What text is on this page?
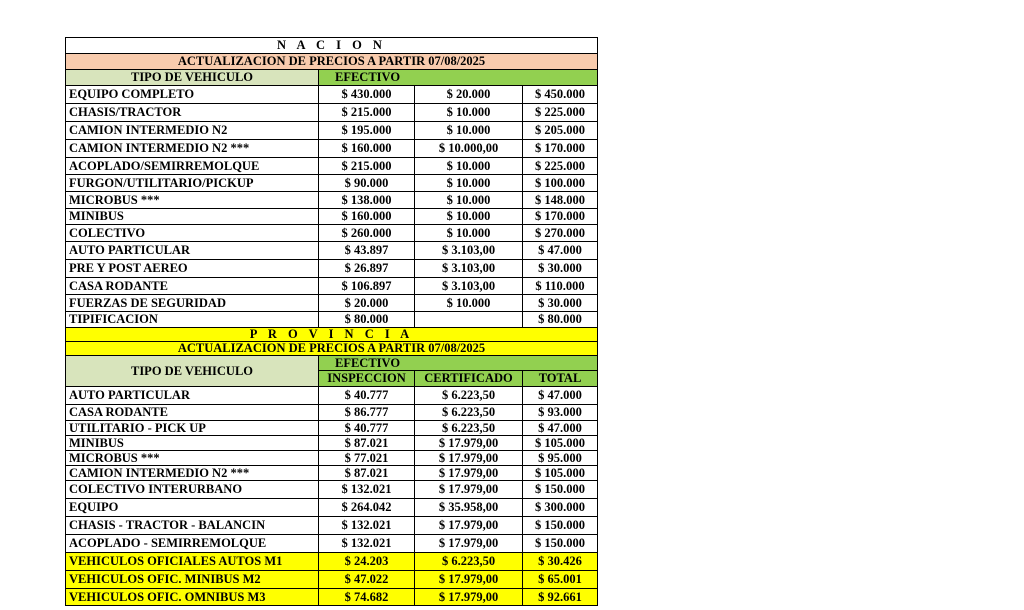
N A C I O N			
ACTUALIZACION DE PRECIOS A PARTIR 07/08/2025			
TIPO DE VEHICULO	EFECTIVO		
EQUIPO COMPLETO	$ 430.000	$ 20.000	$ 450.000
CHASIS/TRACTOR	$ 215.000	$ 10.000	$ 225.000
CAMION INTERMEDIO N2	$ 195.000	$ 10.000	$ 205.000
CAMION INTERMEDIO N2 ***	$ 160.000	$ 10.000,00	$ 170.000
ACOPLADO/SEMIRREMOLQUE	$ 215.000	$ 10.000	$ 225.000
FURGON/UTILITARIO/PICKUP	$ 90.000	$ 10.000	$ 100.000
MICROBUS ***	$ 138.000	$ 10.000	$ 148.000
MINIBUS	$ 160.000	$ 10.000	$ 170.000
COLECTIVO	$ 260.000	$ 10.000	$ 270.000
AUTO PARTICULAR	$ 43.897	$ 3.103,00	$ 47.000
PRE Y POST AEREO	$ 26.897	$ 3.103,00	$ 30.000
CASA RODANTE	$ 106.897	$ 3.103,00	$ 110.000
FUERZAS DE SEGURIDAD	$ 20.000	$ 10.000	$ 30.000
TIPIFICACION	$ 80.000		$ 80.000
P R O V I N C I A			
ACTUALIZACION DE PRECIOS A PARTIR 07/08/2025			
TIPO DE VEHICULO	EFECTIVO		
	INSPECCION	CERTIFICADO	TOTAL
AUTO PARTICULAR	$ 40.777	$ 6.223,50	$ 47.000
CASA RODANTE	$ 86.777	$ 6.223,50	$ 93.000
UTILITARIO - PICK UP	$ 40.777	$ 6.223,50	$ 47.000
MINIBUS	$ 87.021	$ 17.979,00	$ 105.000
MICROBUS ***	$ 77.021	$ 17.979,00	$ 95.000
CAMION INTERMEDIO N2 ***	$ 87.021	$ 17.979,00	$ 105.000
COLECTIVO INTERURBANO	$ 132.021	$ 17.979,00	$ 150.000
EQUIPO	$ 264.042	$ 35.958,00	$ 300.000
CHASIS - TRACTOR - BALANCIN	$ 132.021	$ 17.979,00	$ 150.000
ACOPLADO - SEMIRREMOLQUE	$ 132.021	$ 17.979,00	$ 150.000
VEHICULOS OFICIALES AUTOS M1	$ 24.203	$ 6.223,50	$ 30.426
VEHICULOS OFIC. MINIBUS M2	$ 47.022	$ 17.979,00	$ 65.001
VEHICULOS OFIC. OMNIBUS M3	$ 74.682	$ 17.979,00	$ 92.661
